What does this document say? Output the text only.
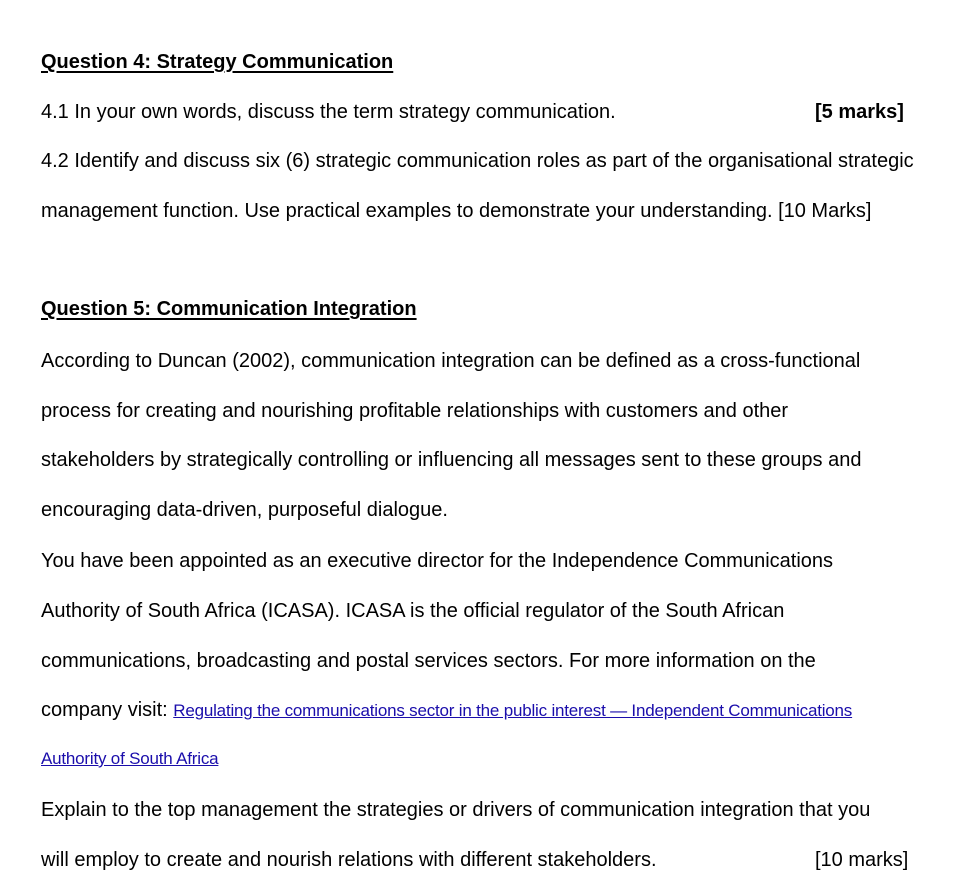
Question 4: Strategy Communication
4.1 In your own words, discuss the term strategy communication.	[5 marks]
4.2 Identify and discuss six (6) strategic communication roles as part of the organisational strategic
management function. Use practical examples to demonstrate your understanding. [10 Marks]
Question 5: Communication Integration
According to Duncan (2002), communication integration can be defined as a cross-functional
process for creating and nourishing profitable relationships with customers and other
stakeholders by strategically controlling or influencing all messages sent to these groups and
encouraging data-driven, purposeful dialogue.
You have been appointed as an executive director for the Independence Communications
Authority of South Africa (ICASA). ICASA is the official regulator of the South African
communications, broadcasting and postal services sectors. For more information on the
company visit: Regulating the communications sector in the public interest — Independent Communications
Authority of South Africa
Explain to the top management the strategies or drivers of communication integration that you
will employ to create and nourish relations with different stakeholders.	[10 marks]
